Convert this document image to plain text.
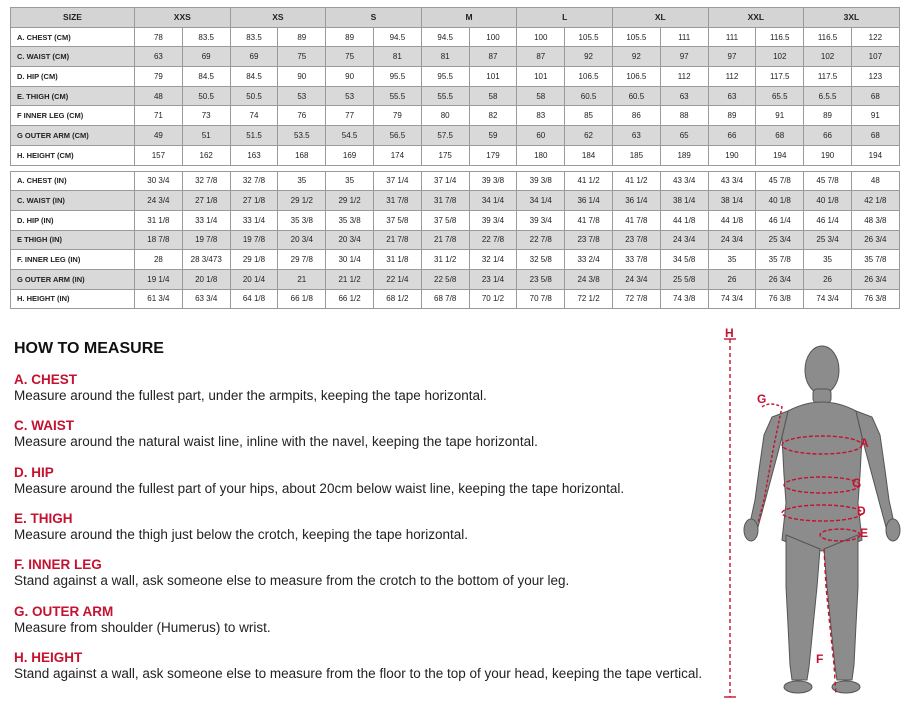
SIZE	XXS		XS		S		M		L		XL		XXL		3XL	
A. CHEST (CM)	78	83.5	83.5	89	89	94.5	94.5	100	100	105.5	105.5	111	111	116.5	116.5	122
C. WAIST (CM)	63	69	69	75	75	81	81	87	87	92	92	97	97	102	102	107
D. HIP (CM)	79	84.5	84.5	90	90	95.5	95.5	101	101	106.5	106.5	112	112	117.5	117.5	123
E. THIGH (CM)	48	50.5	50.5	53	53	55.5	55.5	58	58	60.5	60.5	63	63	65.5	6.5.5	68
F INNER LEG (CM)	71	73	74	76	77	79	80	82	83	85	86	88	89	91	89	91
G OUTER ARM (CM)	49	51	51.5	53.5	54.5	56.5	57.5	59	60	62	63	65	66	68	66	68
H. HEIGHT (CM)	157	162	163	168	169	174	175	179	180	184	185	189	190	194	190	194

A. CHEST (IN)	30 3/4	32 7/8	32 7/8	35	35	37 1/4	37 1/4	39 3/8	39 3/8	41 1/2	41 1/2	43 3/4	43 3/4	45 7/8	45 7/8	48
C. WAIST (IN)	24 3/4	27 1/8	27 1/8	29 1/2	29 1/2	31 7/8	31 7/8	34 1/4	34 1/4	36 1/4	36 1/4	38 1/4	38 1/4	40 1/8	40 1/8	42 1/8
D. HIP (IN)	31 1/8	33 1/4	33 1/4	35 3/8	35 3/8	37 5/8	37 5/8	39 3/4	39 3/4	41 7/8	41 7/8	44 1/8	44 1/8	46 1/4	46 1/4	48 3/8
E THIGH (IN)	18 7/8	19 7/8	19 7/8	20 3/4	20 3/4	21 7/8	21 7/8	22 7/8	22 7/8	23 7/8	23 7/8	24 3/4	24 3/4	25 3/4	25 3/4	26 3/4
F. INNER LEG (IN)	28	28 3/473	29 1/8	29 7/8	30 1/4	31 1/8	31 1/2	32 1/4	32 5/8	33 2/4	33 7/8	34 5/8	35	35 7/8	35	35 7/8
G OUTER ARM (IN)	19 1/4	20 1/8	20 1/4	21	21 1/2	22 1/4	22 5/8	23 1/4	23 5/8	24 3/8	24 3/4	25 5/8	26	26 3/4	26	26 3/4
H. HEIGHT (IN)	61 3/4	63 3/4	64 1/8	66 1/8	66 1/2	68 1/2	68 7/8	70 1/2	70 7/8	72 1/2	72 7/8	74 3/8	74 3/4	76 3/8	74 3/4	76 3/8
HOW TO MEASURE
A. CHEST
Measure around the fullest part, under the armpits, keeping the tape horizontal.
C. WAIST
Measure around the natural waist line, inline with the navel, keeping the tape horizontal.
D. HIP
Measure around the fullest part of your hips, about 20cm below waist line, keeping the tape horizontal.
E. THIGH
Measure around the thigh just below the crotch, keeping the tape horizontal.
F. INNER LEG
Stand against a wall, ask someone else to measure from the crotch to the bottom of your leg.
G. OUTER ARM
Measure from shoulder (Humerus) to wrist.
H. HEIGHT
Stand against a wall, ask someone else to measure from the floor to the top of your head, keeping the tape vertical.
H
G
A
C
D
E
F
